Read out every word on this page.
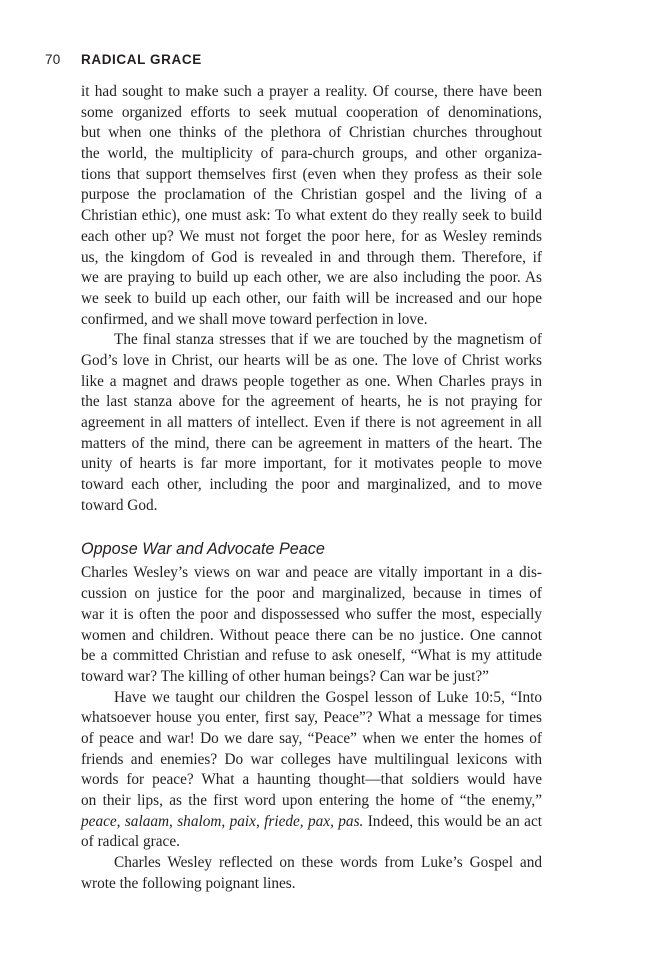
70 RADICAL GRACE
it had sought to make such a prayer a reality. Of course, there have been
some organized efforts to seek mutual cooperation of denominations,
but when one thinks of the plethora of Christian churches throughout
the world, the multiplicity of para-church groups, and other organiza-
tions that support themselves first (even when they profess as their sole
purpose the proclamation of the Christian gospel and the living of a
Christian ethic), one must ask: To what extent do they really seek to build
each other up? We must not forget the poor here, for as Wesley reminds
us, the kingdom of God is revealed in and through them. Therefore, if
we are praying to build up each other, we are also including the poor. As
we seek to build up each other, our faith will be increased and our hope
confirmed, and we shall move toward perfection in love.
The final stanza stresses that if we are touched by the magnetism of
God’s love in Christ, our hearts will be as one. The love of Christ works
like a magnet and draws people together as one. When Charles prays in
the last stanza above for the agreement of hearts, he is not praying for
agreement in all matters of intellect. Even if there is not agreement in all
matters of the mind, there can be agreement in matters of the heart. The
unity of hearts is far more important, for it motivates people to move
toward each other, including the poor and marginalized, and to move
toward God.
Oppose War and Advocate Peace
Charles Wesley’s views on war and peace are vitally important in a dis-
cussion on justice for the poor and marginalized, because in times of
war it is often the poor and dispossessed who suffer the most, especially
women and children. Without peace there can be no justice. One cannot
be a committed Christian and refuse to ask oneself, “What is my attitude
toward war? The killing of other human beings? Can war be just?”
Have we taught our children the Gospel lesson of Luke 10:5, “Into
whatsoever house you enter, first say, Peace”? What a message for times
of peace and war! Do we dare say, “Peace” when we enter the homes of
friends and enemies? Do war colleges have multilingual lexicons with
words for peace? What a haunting thought—that soldiers would have
on their lips, as the first word upon entering the home of “the enemy,”
peace, salaam, shalom, paix, friede, pax, pas. Indeed, this would be an act
of radical grace.
Charles Wesley reflected on these words from Luke’s Gospel and
wrote the following poignant lines.
